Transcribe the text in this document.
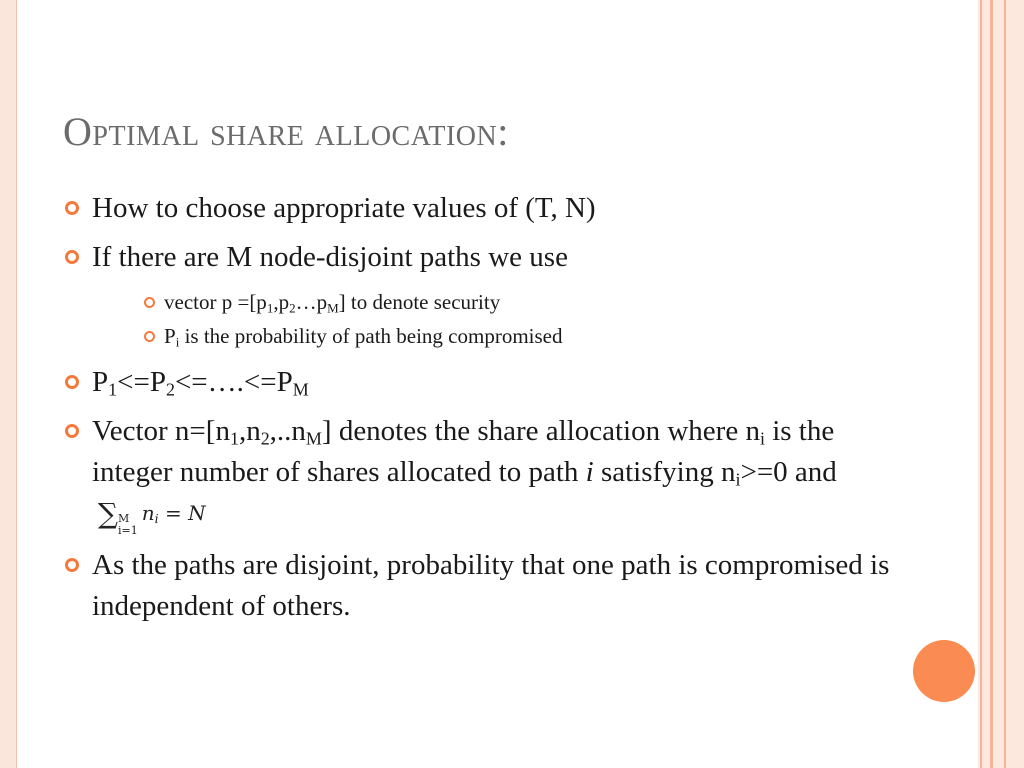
Optimal share allocation:
How to choose appropriate values of (T, N)
If there are M node-disjoint paths we use
vector $p =[p_1,p_2\dots p_M]$ to denote security
$P_i$ is the probability of path being compromised
$P_1<=P_2<=\dots.<=P_M$
Vector $n=[n_1,n_2,..n_M]$ denotes the share allocation where $n_i$ is the integer number of shares allocated to path i satisfying $n_i>=0$ and ∑ M
i=1
$n_i = N$
As the paths are disjoint, probability that one path is compromised is independent of others.
